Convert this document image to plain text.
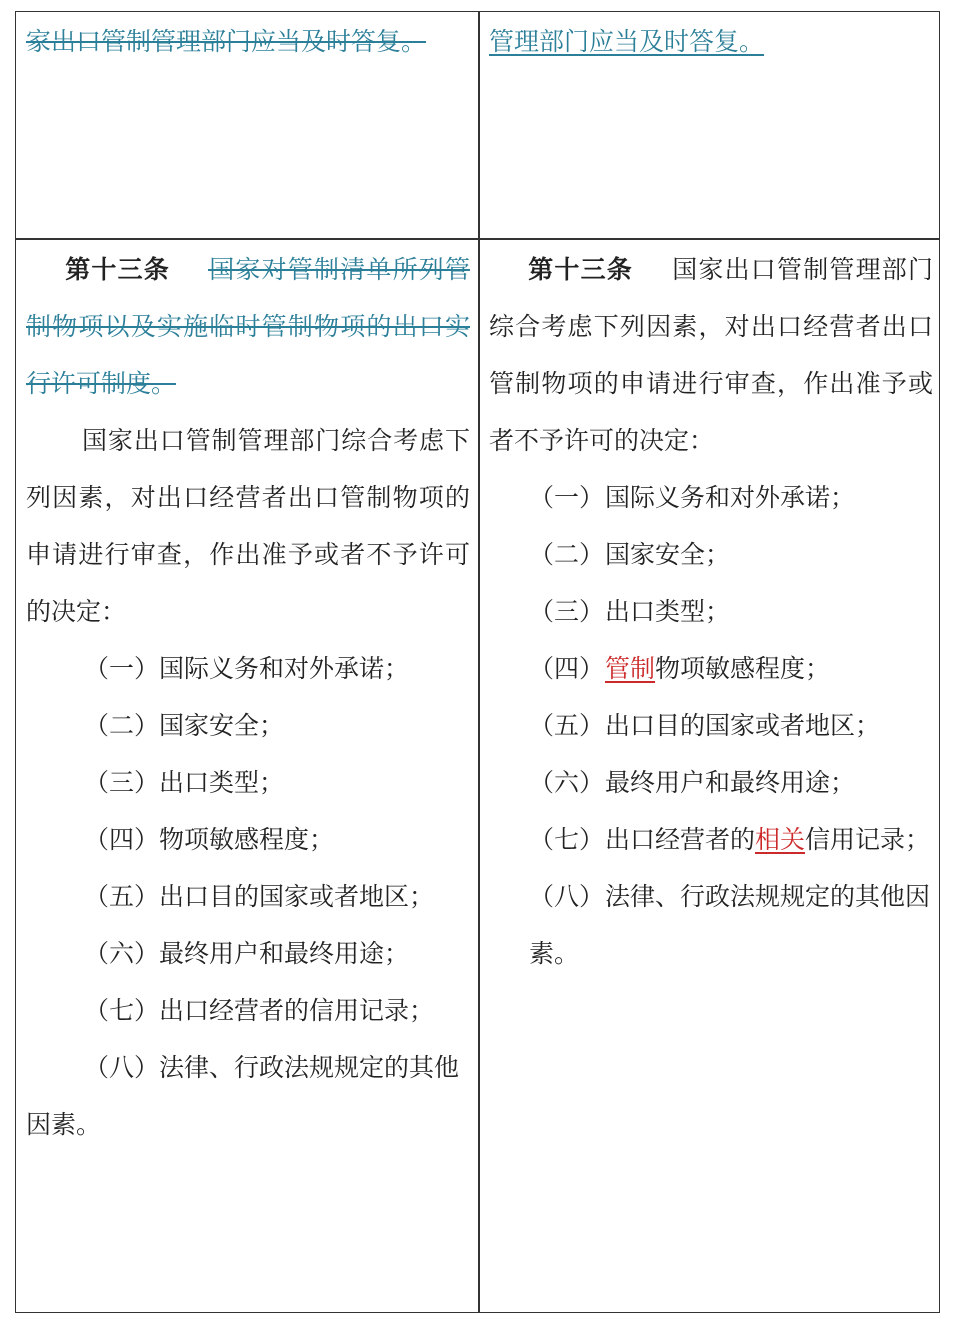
家出口管制管理部门应当及时答复。	管理部门应当及时答复。

第十三条 国家对管制清单所列管制物项以及实施临时管制物项的出口实行许可制度。

国家出口管制管理部门综合考虑下列因素，对出口经营者出口管制物项的申请进行审查，作出准予或者不予许可的决定：

（一）国际义务和对外承诺；

（二）国家安全；

（三）出口类型；

（四）物项敏感程度；

（五）出口目的国家或者地区；

（六）最终用户和最终用途；

（七）出口经营者的信用记录；

（八）法律、行政法规规定的其他因素。

第十三条 国家出口管制管理部门综合考虑下列因素，对出口经营者出口管制物项的申请进行审查，作出准予或者不予许可的决定：

（一）国际义务和对外承诺；

（二）国家安全；

（三）出口类型；

（四）管制物项敏感程度；

（五）出口目的国家或者地区；

（六）最终用户和最终用途；

（七）出口经营者的相关信用记录；

（八）法律、行政法规规定的其他因素。
